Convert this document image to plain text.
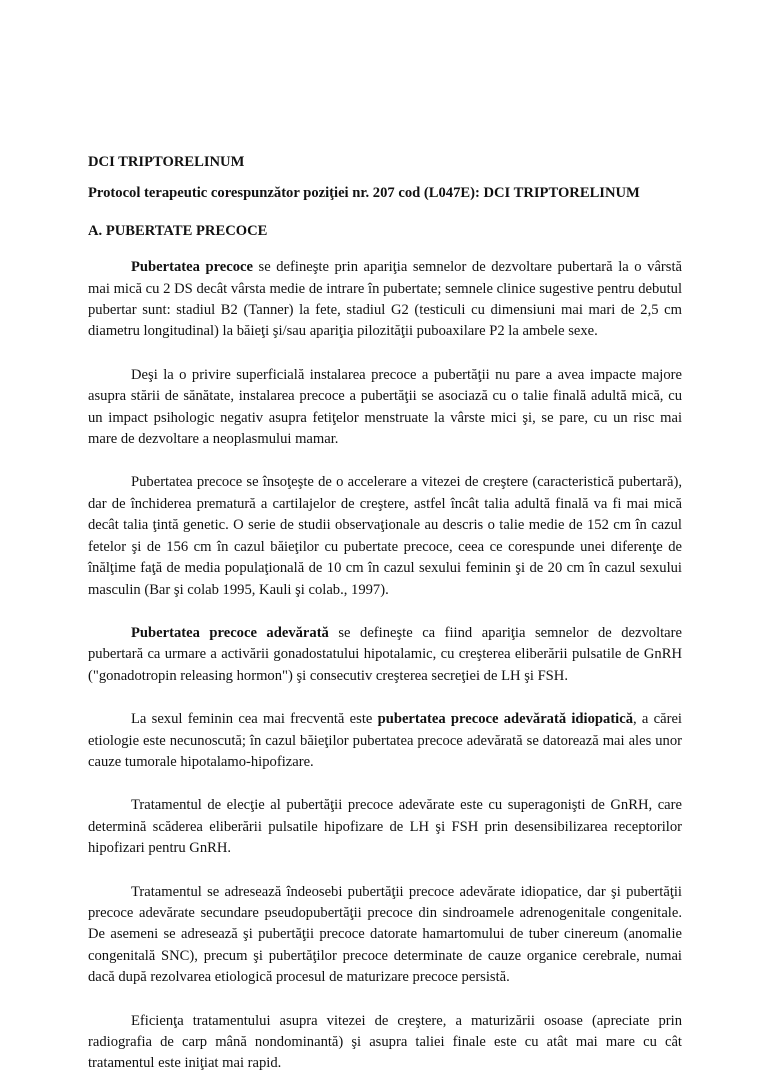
DCI TRIPTORELINUM

Protocol terapeutic corespunzător poziţiei nr. 207 cod (L047E): DCI TRIPTORELINUM

A. PUBERTATE PRECOCE

Pubertatea precoce se defineşte prin apariţia semnelor de dezvoltare pubertară la o vârstă mai mică cu 2 DS decât vârsta medie de intrare în pubertate; semnele clinice sugestive pentru debutul pubertar sunt: stadiul B2 (Tanner) la fete, stadiul G2 (testiculi cu dimensiuni mai mari de 2,5 cm diametru longitudinal) la băieţi şi/sau apariţia pilozităţii puboaxilare P2 la ambele sexe.

Deşi la o privire superficială instalarea precoce a pubertăţii nu pare a avea impacte majore asupra stării de sănătate, instalarea precoce a pubertăţii se asociază cu o talie finală adultă mică, cu un impact psihologic negativ asupra fetiţelor menstruate la vârste mici şi, se pare, cu un risc mai mare de dezvoltare a neoplasmului mamar.

Pubertatea precoce se însoţeşte de o accelerare a vitezei de creştere (caracteristică pubertară), dar de închiderea prematură a cartilajelor de creştere, astfel încât talia adultă finală va fi mai mică decât talia ţintă genetic. O serie de studii observaţionale au descris o talie medie de 152 cm în cazul fetelor şi de 156 cm în cazul băieţilor cu pubertate precoce, ceea ce corespunde unei diferenţe de înălţime faţă de media populaţională de 10 cm în cazul sexului feminin şi de 20 cm în cazul sexului masculin (Bar şi colab 1995, Kauli şi colab., 1997).

Pubertatea precoce adevărată se defineşte ca fiind apariţia semnelor de dezvoltare pubertară ca urmare a activării gonadostatului hipotalamic, cu creşterea eliberării pulsatile de GnRH ("gonadotropin releasing hormon") şi consecutiv creşterea secreţiei de LH şi FSH.

La sexul feminin cea mai frecventă este pubertatea precoce adevărată idiopatică, a cărei etiologie este necunoscută; în cazul băieţilor pubertatea precoce adevărată se datorează mai ales unor cauze tumorale hipotalamo-hipofizare.

Tratamentul de elecţie al pubertăţii precoce adevărate este cu superagonişti de GnRH, care determină scăderea eliberării pulsatile hipofizare de LH şi FSH prin desensibilizarea receptorilor hipofizari pentru GnRH.

Tratamentul se adresează îndeosebi pubertăţii precoce adevărate idiopatice, dar şi pubertăţii precoce adevărate secundare pseudopubertăţii precoce din sindroamele adrenogenitale congenitale. De asemeni se adresează şi pubertăţii precoce datorate hamartomului de tuber cinereum (anomalie congenitală SNC), precum şi pubertăţilor precoce determinate de cauze organice cerebrale, numai dacă după rezolvarea etiologică procesul de maturizare precoce persistă.

Eficienţa tratamentului asupra vitezei de creştere, a maturizării osoase (apreciate prin radiografia de carp mână nondominantă) şi asupra taliei finale este cu atât mai mare cu cât tratamentul este iniţiat mai rapid.
